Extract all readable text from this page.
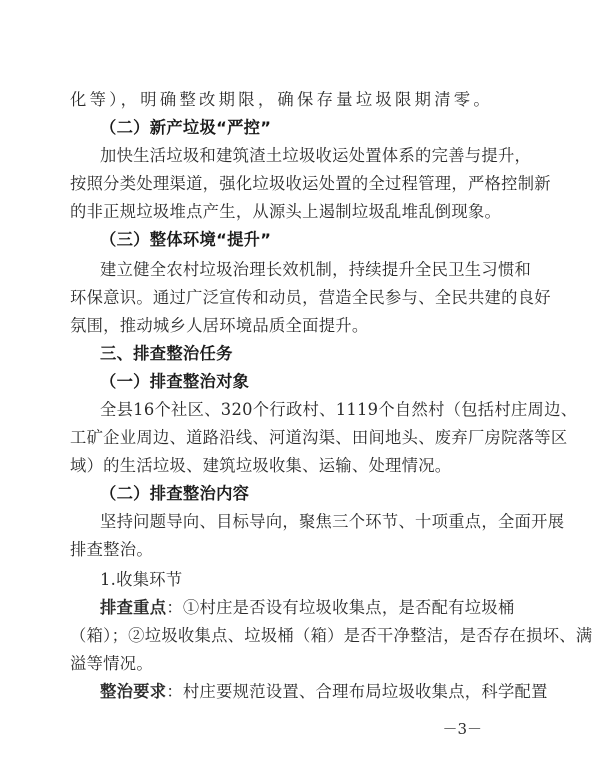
化等），明确整改期限，确保存量垃圾限期清零。
（二）新产垃圾“严控”
加快生活垃圾和建筑渣土垃圾收运处置体系的完善与提升，
按照分类处理渠道，强化垃圾收运处置的全过程管理，严格控制新
的非正规垃圾堆点产生，从源头上遏制垃圾乱堆乱倒现象。
（三）整体环境“提升”
建立健全农村垃圾治理长效机制，持续提升全民卫生习惯和
环保意识。通过广泛宣传和动员，营造全民参与、全民共建的良好
氛围，推动城乡人居环境品质全面提升。
三、排查整治任务
（一）排查整治对象
全县16个社区、320个行政村、1119个自然村（包括村庄周边、
工矿企业周边、道路沿线、河道沟渠、田间地头、废弃厂房院落等区
域）的生活垃圾、建筑垃圾收集、运输、处理情况。
（二）排查整治内容
坚持问题导向、目标导向，聚焦三个环节、十项重点，全面开展
排查整治。
1.收集环节
排查重点：①村庄是否设有垃圾收集点，是否配有垃圾桶
（箱）；②垃圾收集点、垃圾桶（箱）是否干净整洁，是否存在损坏、满
溢等情况。
整治要求：村庄要规范设置、合理布局垃圾收集点，科学配置
－3－
